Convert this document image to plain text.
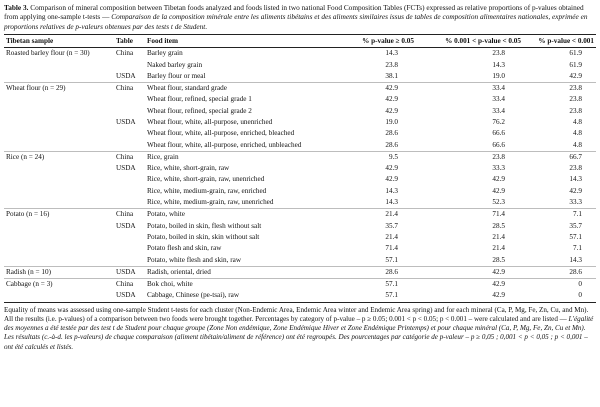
Table 3. Comparison of mineral composition between Tibetan foods analyzed and foods listed in two national Food Composition Tables (FCTs) expressed as relative proportions of p-values obtained from applying one-sample t-tests — Comparaison de la composition minérale entre les aliments tibétains et des aliments similaires issus de tables de composition alimentaires nationales, exprimée en proportions relatives de p-valeurs obtenues par des tests t de Student.

Tibetan sample	Table	Food item	% p-value ≥ 0.05	% 0.001 < p-value < 0.05	% p-value < 0.001
Roasted barley flour (n = 30)	China	Barley grain	14.3	23.8	61.9
		Naked barley grain	23.8	14.3	61.9
	USDA	Barley flour or meal	38.1	19.0	42.9
Wheat flour (n = 29)	China	Wheat flour, standard grade	42.9	33.4	23.8
		Wheat flour, refined, special grade 1	42.9	33.4	23.8
		Wheat flour, refined, special grade 2	42.9	33.4	23.8
	USDA	Wheat flour, white, all-purpose, unenriched	19.0	76.2	4.8
		Wheat flour, white, all-purpose, enriched, bleached	28.6	66.6	4.8
		Wheat flour, white, all-purpose, enriched, unbleached	28.6	66.6	4.8
Rice (n = 24)	China	Rice, grain	9.5	23.8	66.7
	USDA	Rice, white, short-grain, raw	42.9	33.3	23.8
		Rice, white, short-grain, raw, unenriched	42.9	42.9	14.3
		Rice, white, medium-grain, raw, enriched	14.3	42.9	42.9
		Rice, white, medium-grain, raw, unenriched	14.3	52.3	33.3
Potato (n = 16)	China	Potato, white	21.4	71.4	7.1
	USDA	Potato, boiled in skin, flesh without salt	35.7	28.5	35.7
		Potato, boiled in skin, skin without salt	21.4	21.4	57.1
		Potato flesh and skin, raw	71.4	21.4	7.1
		Potato, white flesh and skin, raw	57.1	28.5	14.3
Radish (n = 10)	USDA	Radish, oriental, dried	28.6	42.9	28.6
Cabbage (n = 3)	China	Bok choi, white	57.1	42.9	0
	USDA	Cabbage, Chinese (pe-tsai), raw	57.1	42.9	0

Equality of means was assessed using one-sample Student t-tests for each cluster (Non-Endemic Area, Endemic Area winter and Endemic Area spring) and for each mineral (Ca, P, Mg, Fe, Zn, Cu, and Mn). All the results (i.e. p-values) of a comparison between two foods were brought together. Percentages by category of p-value – p ≥ 0.05; 0.001 < p < 0.05; p < 0.001 – were calculated and are listed — L'égalité des moyennes a été testée par des test t de Student pour chaque groupe (Zone Non endémique, Zone Endémique Hiver et Zone Endémique Printemps) et pour chaque minéral (Ca, P, Mg, Fe, Zn, Cu et Mn). Les résultats (c.-à-d. les p-valeurs) de chaque comparaison (aliment tibétain/aliment de référence) ont été regroupés. Des pourcentages par catégorie de p-valeur – p ≥ 0,05 ; 0,001 < p < 0,05 ; p < 0,001 – ont été calculés et listés.
